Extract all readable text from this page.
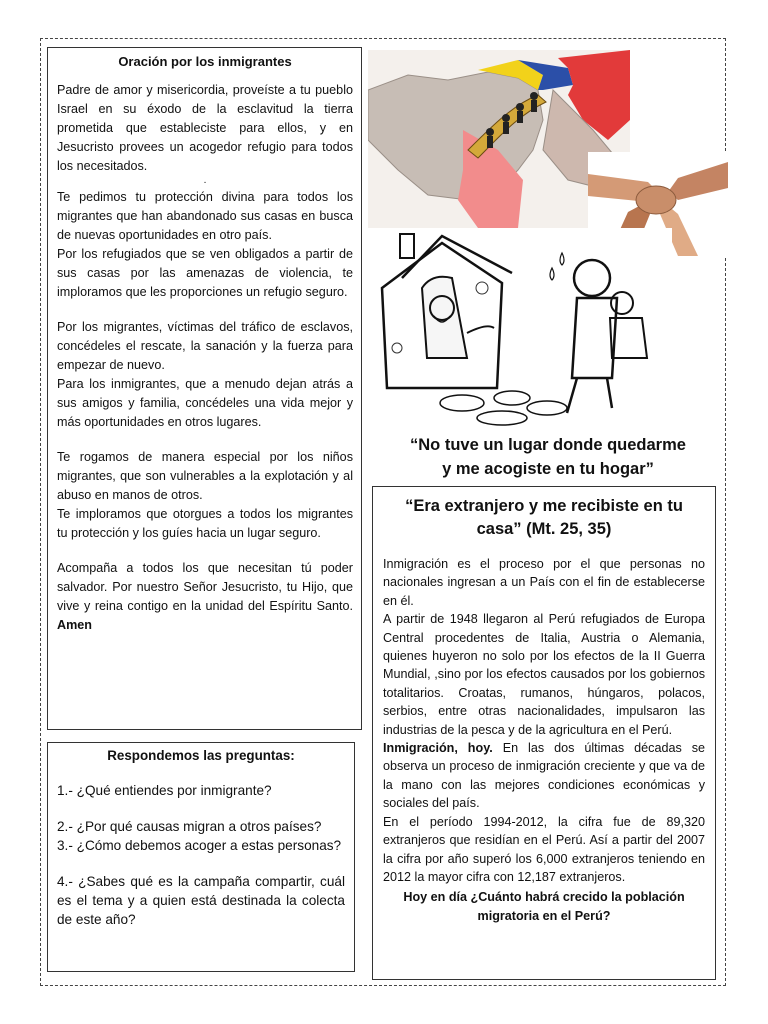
Oración por los inmigrantes

Padre de amor y misericordia, proveíste a tu pueblo Israel en su éxodo de la esclavitud la tierra prometida que estableciste para ellos, y en Jesucristo provees un acogedor refugio para todos los necesitados.

.

Te pedimos tu protección divina para todos los migrantes que han abandonado sus casas en busca de nuevas oportunidades en otro país.

Por los refugiados que se ven obligados a partir de sus casas por las amenazas de violencia, te imploramos que les proporciones un refugio seguro.

Por los migrantes, víctimas del tráfico de esclavos, concédeles el rescate, la sanación y la fuerza para empezar de nuevo.

Para los inmigrantes, que a menudo dejan atrás a sus amigos y familia, concédeles una vida mejor y más oportunidades en otros lugares.

Te rogamos de manera especial por los niños migrantes, que son vulnerables a la explotación y al abuso en manos de otros.

Te imploramos que otorgues a todos los migrantes tu protección y los guíes hacia un lugar seguro.

Acompaña a todos los que necesitan tú poder salvador. Por nuestro Señor Jesucristo, tu Hijo, que vive y reina contigo en la unidad del Espíritu Santo. Amen

Respondemos las preguntas:

1.- ¿Qué entiendes por inmigrante?

2.- ¿Por qué causas migran a otros países?

3.- ¿Cómo debemos acoger a estas personas?

4.- ¿Sabes qué es la campaña compartir, cuál es el tema y a quien está destinada la colecta de este año?

“No tuve un lugar donde quedarme
y me acogiste en tu hogar”
“Era extranjero y me recibiste en tu casa” (Mt. 25, 35)

Inmigración es el proceso por el que personas no nacionales ingresan a un País con el fin de establecerse en él.

A partir de 1948 llegaron al Perú refugiados de Europa Central procedentes de Italia, Austria o Alemania, quienes huyeron no solo por los efectos de la II Guerra Mundial, ,sino por los efectos causados por los gobiernos totalitarios. Croatas, rumanos, húngaros, polacos, serbios, entre otras nacionalidades, impulsaron las industrias de la pesca y de la agricultura en el Perú.

Inmigración, hoy. En las dos últimas décadas se observa un proceso de inmigración creciente y que va de la mano con las mejores condiciones económicas y sociales del país.

En el período 1994-2012, la cifra fue de 89,320 extranjeros que residían en el Perú. Así a partir del 2007 la cifra por año superó los 6,000 extranjeros teniendo en 2012 la mayor cifra con 12,187 extranjeros.

Hoy en día ¿Cuánto habrá crecido la población migratoria en el Perú?
